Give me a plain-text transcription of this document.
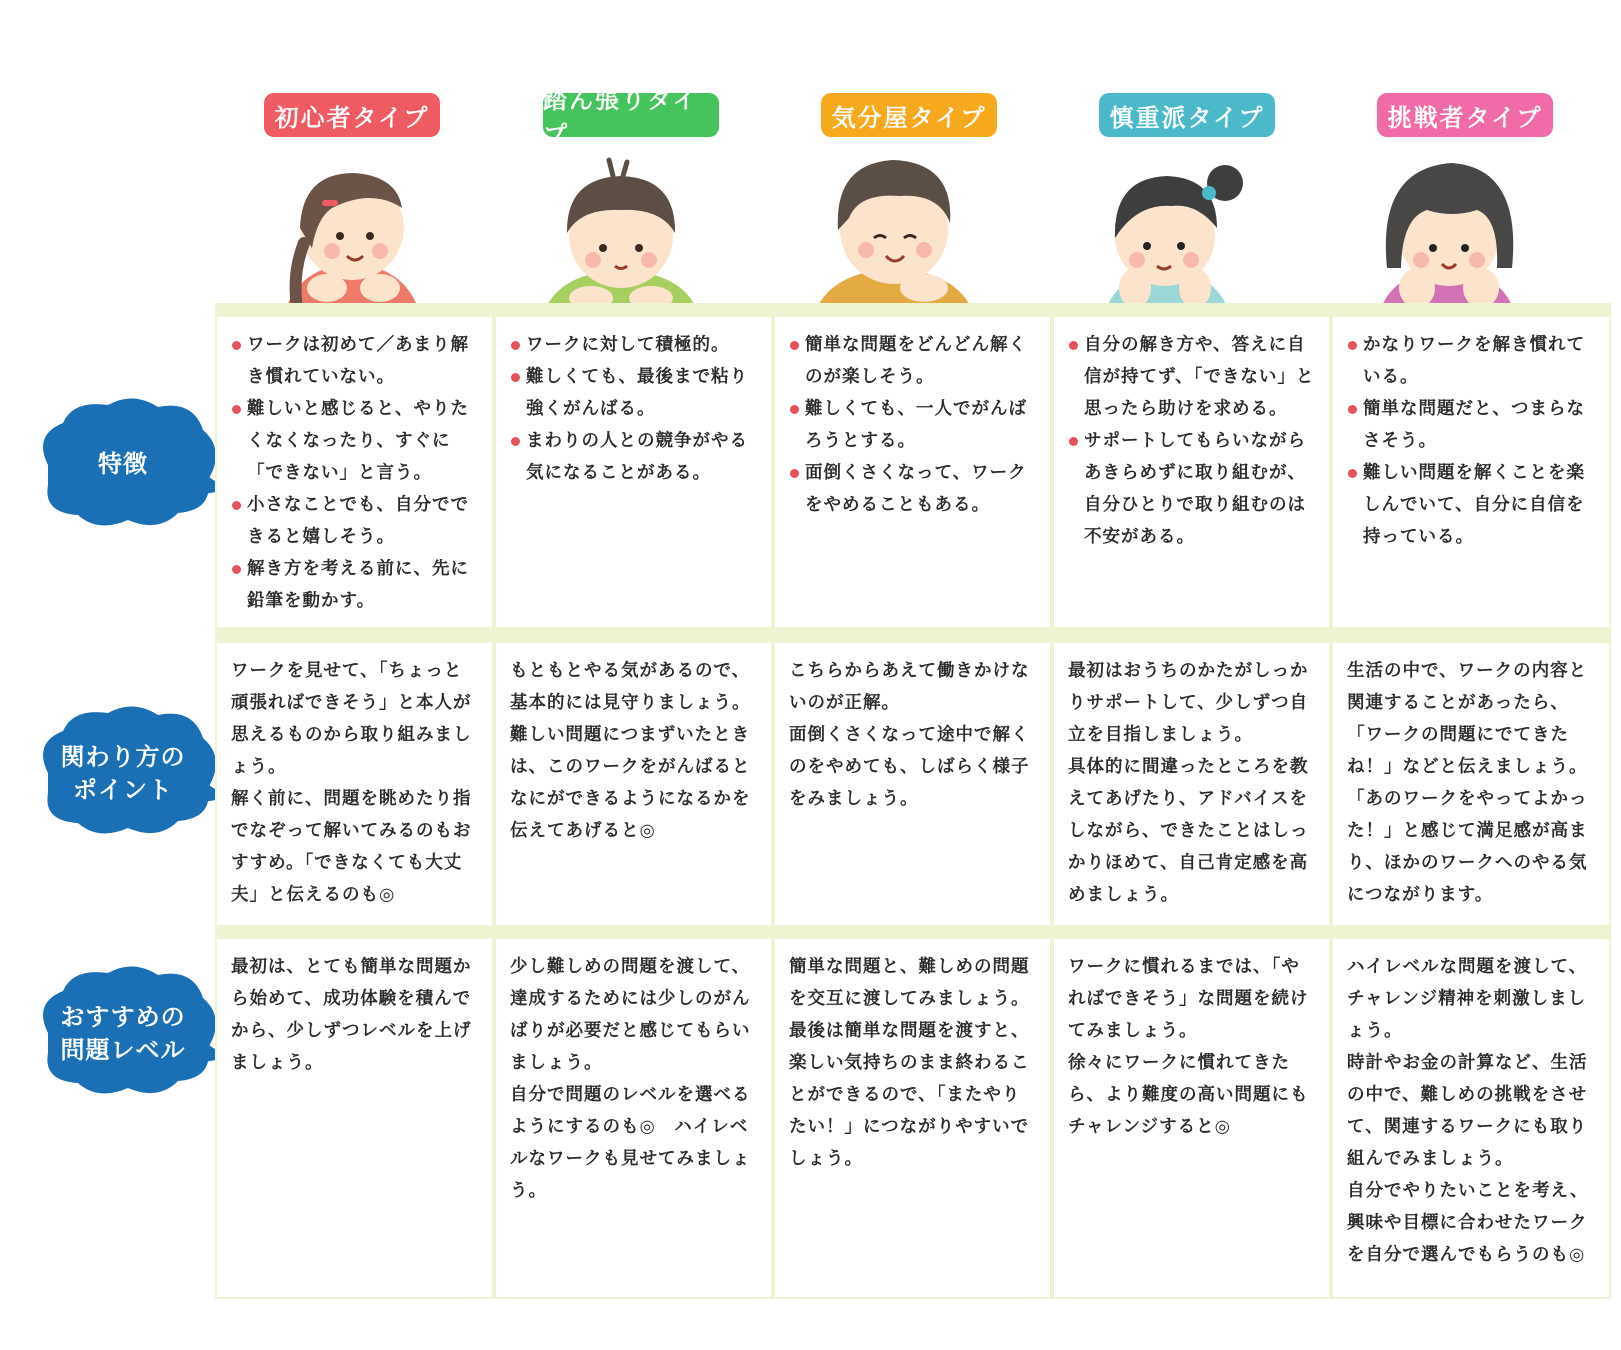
初心者タイプ
踏ん張りタイプ
気分屋タイプ	慎重派タイプ	挑戦者タイプ
特徴
関わり方の
ポイント
おすすめの
問題レベル

ワークは初めて／あまり解き慣れていない。

難しいと感じると、やりたくなくなったり、すぐに「できない」と言う。

小さなことでも、自分でできると嬉しそう。

解き方を考える前に、先に鉛筆を動かす。

ワークに対して積極的。

難しくても、最後まで粘り強くがんばる。

まわりの人との競争がやる気になることがある。

簡単な問題をどんどん解くのが楽しそう。

難しくても、一人でがんばろうとする。

面倒くさくなって、ワークをやめることもある。

自分の解き方や、答えに自信が持てず、「できない」と思ったら助けを求める。

サポートしてもらいながらあきらめずに取り組むが、自分ひとりで取り組むのは不安がある。

かなりワークを解き慣れている。

簡単な問題だと、つまらなさそう。

難しい問題を解くことを楽しんでいて、自分に自信を持っている。

ワークを見せて、「ちょっと頑張ればできそう」と本人が思えるものから取り組みましょう。
解く前に、問題を眺めたり指でなぞって解いてみるのもおすすめ。「できなくても大丈夫」と伝えるのも◎
もともとやる気があるので、基本的には見守りましょう。
難しい問題につまずいたときは、このワークをがんばるとなにができるようになるかを伝えてあげると◎
こちらからあえて働きかけないのが正解。
面倒くさくなって途中で解くのをやめても、しばらく様子をみましょう。
最初はおうちのかたがしっかりサポートして、少しずつ自立を目指しましょう。
具体的に間違ったところを教えてあげたり、アドバイスをしながら、できたことはしっかりほめて、自己肯定感を高めましょう。
生活の中で、ワークの内容と関連することがあったら、「ワークの問題にでてきたね！」などと伝えましょう。
「あのワークをやってよかった！」と感じて満足感が高まり、ほかのワークへのやる気につながります。
最初は、とても簡単な問題から始めて、成功体験を積んでから、少しずつレベルを上げましょう。
少し難しめの問題を渡して、達成するためには少しのがんばりが必要だと感じてもらいましょう。
自分で問題のレベルを選べるようにするのも◎　ハイレベルなワークも見せてみましょう。
簡単な問題と、難しめの問題を交互に渡してみましょう。
最後は簡単な問題を渡すと、楽しい気持ちのまま終わることができるので、「またやりたい！」につながりやすいでしょう。
ワークに慣れるまでは、「やればできそう」な問題を続けてみましょう。
徐々にワークに慣れてきたら、より難度の高い問題にもチャレンジすると◎
ハイレベルな問題を渡して、チャレンジ精神を刺激しましょう。
時計やお金の計算など、生活の中で、難しめの挑戦をさせて、関連するワークにも取り組んでみましょう。
自分でやりたいことを考え、興味や目標に合わせたワークを自分で選んでもらうのも◎
